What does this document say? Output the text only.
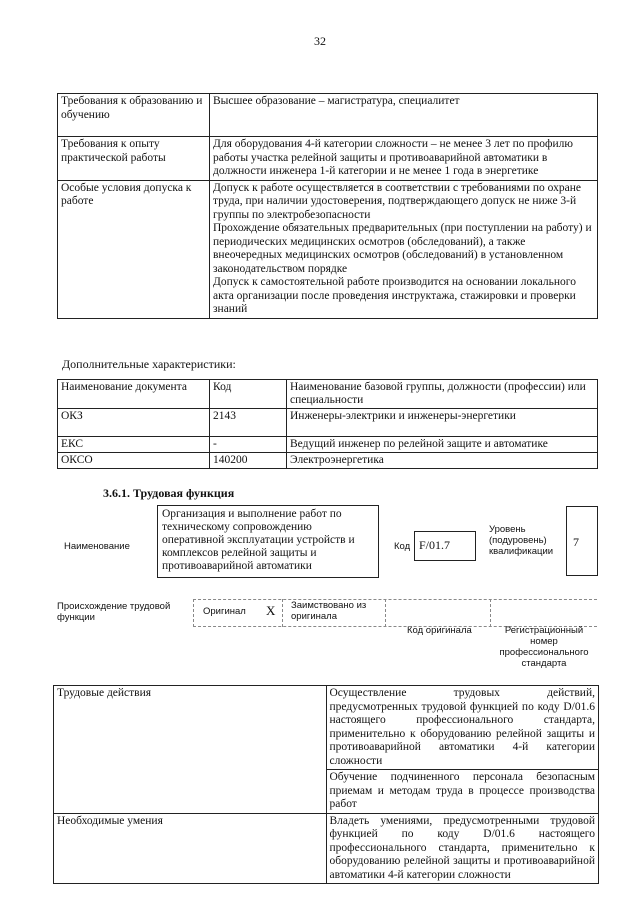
32
Требования к образованию и обучению	Высшее образование – магистратура, специалитет

Требования к опыту практической работы	Для оборудования 4-й категории сложности – не менее 3 лет по профилю работы участка релейной защиты и противоаварийной автоматики в должности инженера 1-й категории и не менее 1 года в энергетике

Особые условия допуска к работе	Допуск к работе осуществляется в соответствии с требованиями по охране труда, при наличии удостоверения, подтверждающего допуск не ниже 3-й группы по электробезопасности

Прохождение обязательных предварительных (при поступлении на работу) и периодических медицинских осмотров (обследований), а также внеочередных медицинских осмотров (обследований) в установленном законодательством порядке

Допуск к самостоятельной работе производится на основании локального акта организации после проведения инструктажа, стажировки и проверки знаний

Дополнительные характеристики:
Наименование документа	Код	Наименование базовой группы, должности (профессии) или специальности
ОКЗ	2143	Инженеры-электрики и инженеры-энергетики
ЕКС	-	Ведущий инженер по релейной защите и автоматике
ОКСО	140200	Электроэнергетика
3.6.1. Трудовая функция
Наименование
Организация и выполнение работ по техническому сопровождению оперативной эксплуатации устройств и комплексов релейной защиты и противоаварийной автоматики
Код F/01.7
Уровень (подуровень) квалификации
7
Происхождение трудовой функции
Оригинал X Заимствовано из оригинала
Код оригинала	Регистрационный номер профессионального стандарта
Трудовые действия	Осуществление трудовых действий, предусмотренных трудовой функцией по коду D/01.6 настоящего профессионального стандарта, применительно к оборудованию релейной защиты и противоаварийной автоматики 4-й категории сложности
	Обучение подчиненного персонала безопасным приемам и методам труда в процессе производства работ
Необходимые умения	Владеть умениями, предусмотренными трудовой функцией по коду D/01.6 настоящего профессионального стандарта, применительно к оборудованию релейной защиты и противоаварийной автоматики 4-й категории сложности
